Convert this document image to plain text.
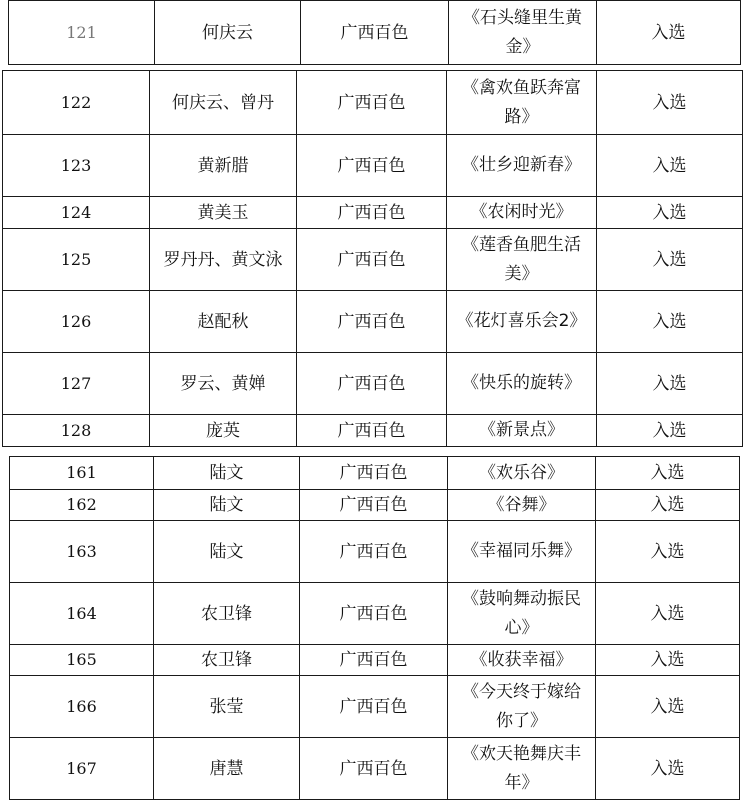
121	何庆云	广西百色	《石头缝里生黄金》	入选
122	何庆云、曾丹	广西百色	《禽欢鱼跃奔富路》	入选
123	黄新腊	广西百色	《壮乡迎新春》	入选
124	黄美玉	广西百色	《农闲时光》	入选
125	罗丹丹、黄文泳	广西百色	《莲香鱼肥生活美》	入选
126	赵配秋	广西百色	《花灯喜乐会2》	入选
127	罗云、黄婵	广西百色	《快乐的旋转》	入选
128	庞英	广西百色	《新景点》	入选
161	陆文	广西百色	《欢乐谷》	入选
162	陆文	广西百色	《谷舞》	入选
163	陆文	广西百色	《幸福同乐舞》	入选
164	农卫锋	广西百色	《鼓响舞动振民心》	入选
165	农卫锋	广西百色	《收获幸福》	入选
166	张莹	广西百色	《今天终于嫁给你了》	入选
167	唐慧	广西百色	《欢天艳舞庆丰年》	入选
